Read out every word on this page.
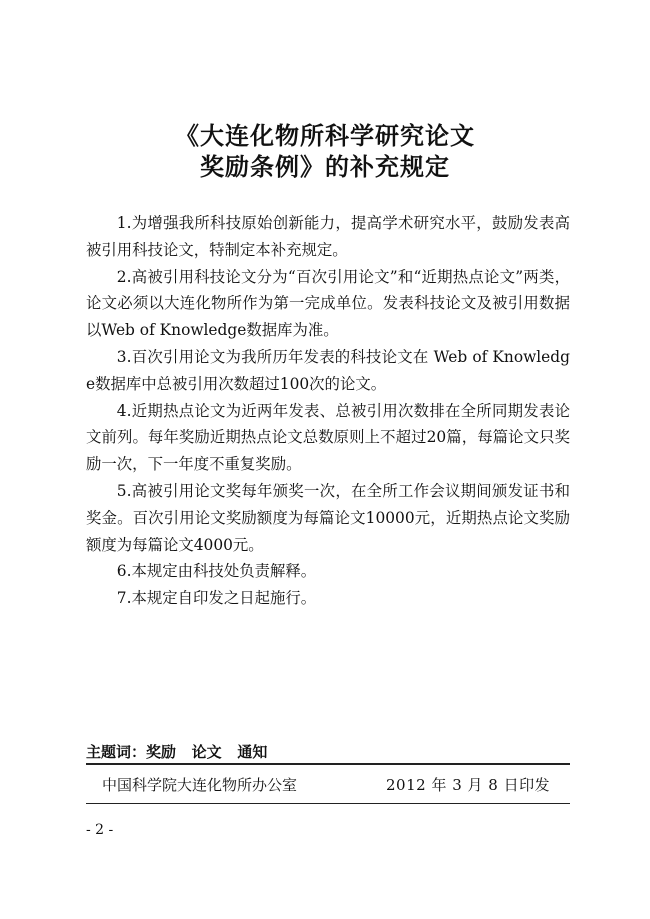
《大连化物所科学研究论文
奖励条例》的补充规定

1.为增强我所科技原始创新能力，提高学术研究水平，鼓励发表高被引用科技论文，特制定本补充规定。

2.高被引用科技论文分为“百次引用论文”和“近期热点论文”两类，论文必须以大连化物所作为第一完成单位。发表科技论文及被引用数据以Web of Knowledge数据库为准。

3.百次引用论文为我所历年发表的科技论文在 Web of Knowledge数据库中总被引用次数超过100次的论文。

4.近期热点论文为近两年发表、总被引用次数排在全所同期发表论文前列。每年奖励近期热点论文总数原则上不超过20篇，每篇论文只奖励一次，下一年度不重复奖励。

5.高被引用论文奖每年颁奖一次，在全所工作会议期间颁发证书和奖金。百次引用论文奖励额度为每篇论文10000元，近期热点论文奖励额度为每篇论文4000元。

6.本规定由科技处负责解释。

7.本规定自印发之日起施行。

主题词：奖励   论文   通知
中国科学院大连化物所办公室	2012 年 3 月 8 日印发
- 2 -
